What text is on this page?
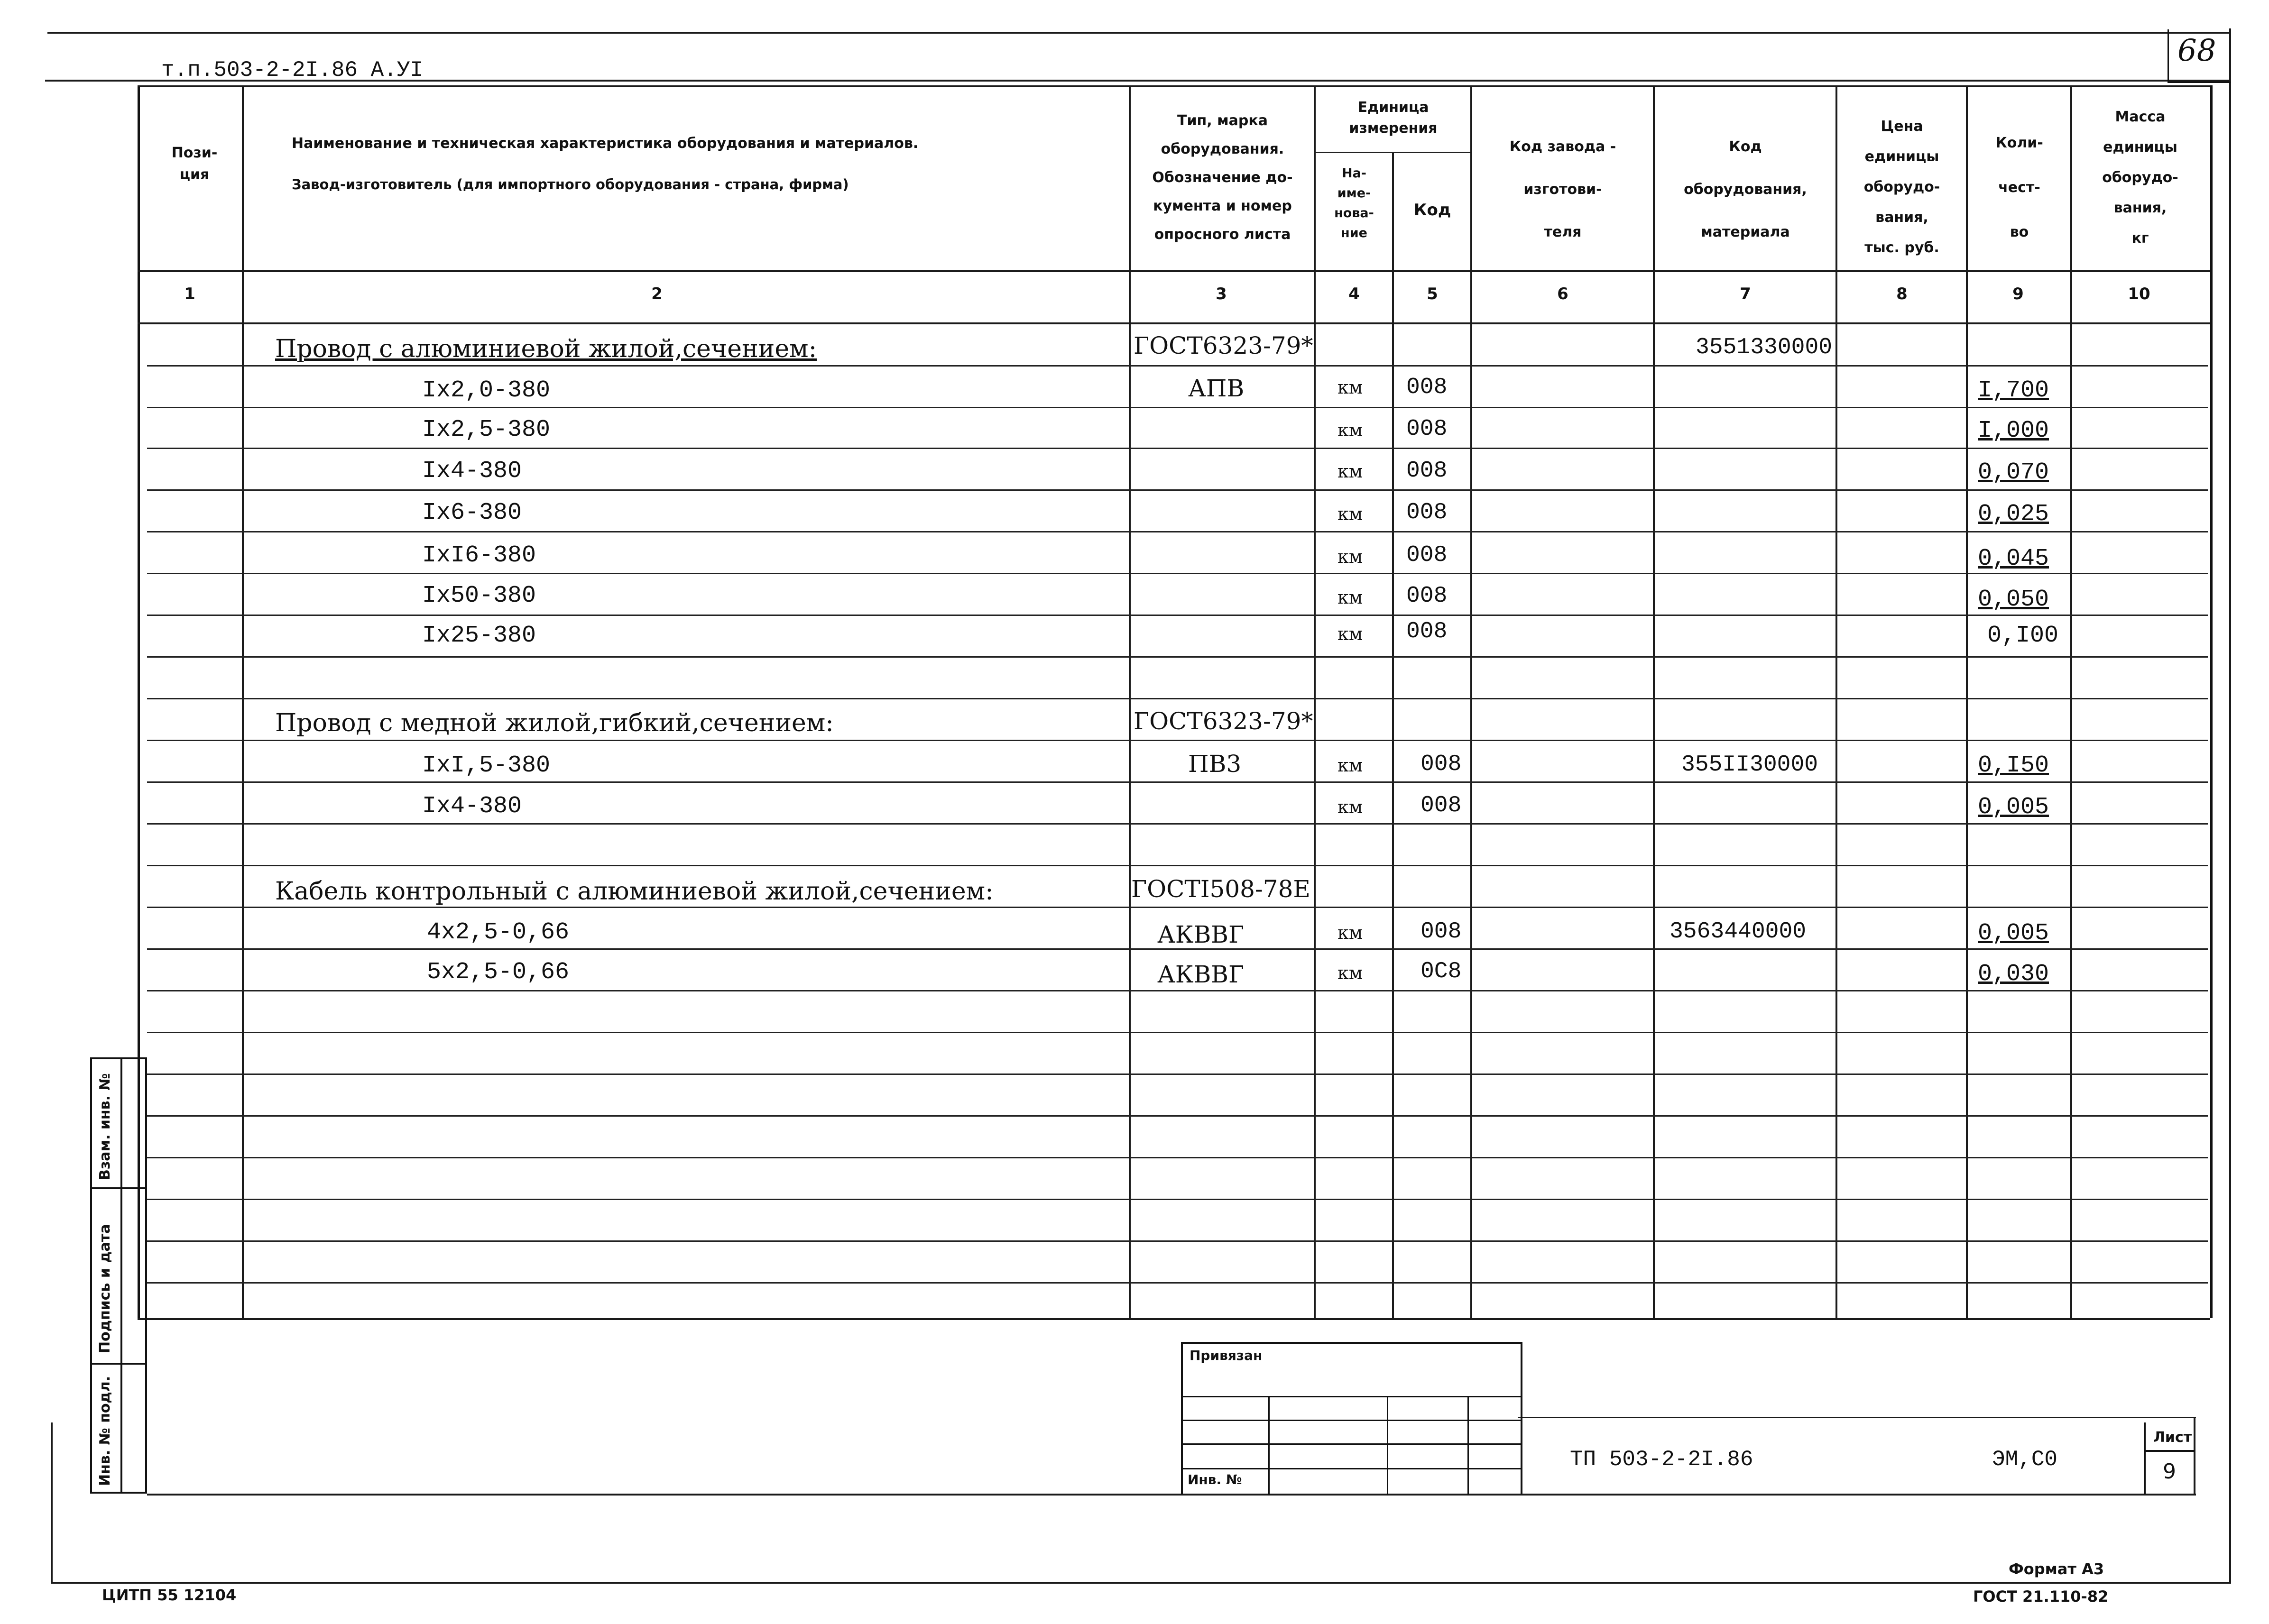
68
т.п.503-2-2I.86 А.УI
Пози-
ция
Наименование и техническая характеристика оборудования и материалов.
Завод-изготовитель (для импортного оборудования - страна, фирма)
Тип, марка
оборудования.
Обозначение до-
кумента и номер
опросного листа
Единица
измерения
На-
име-
нова-
ние
Код
Код завода -
изготови-
теля
Код
оборудования,
материала
Цена
единицы
оборудо-
вания,
тыс. руб.
Коли-
чест-
во
Масса
единицы
оборудо-
вания,
кг
1	2	3	4	5	6	7	8	9	10
Провод с алюминиевой жилой,сечением:	ГОСТ6323-79*	3551330000
Iх2,0-380	АПВ	км 008	I,700
Iх2,5-380	км 008	I,000
Iх4-380	км 008	0,070
Iх6-380	км 008	0,025
IхI6-380	км 008	0,045
Iх50-380	км 008	0,050
Iх25-380	км 008	0,I00
Провод с медной жилой,гибкий,сечением:	ГОСТ6323-79*
IхI,5-380	ПВ3	км	008	355II30000	0,I50
Iх4-380	км	008	0,005
Кабель контрольный с алюминиевой жилой,сечением:	ГОСТI508-78Е
4х2,5-0,66	АКВВГ	км	008	3563440000	0,005
5х2,5-0,66	АКВВГ	км	0С8	0,030
Взам. инв. №
Подпись и дата
Инв. № подл.
Привязан
Инв. №
ТП 503-2-2I.86	ЭМ,С0
Лист
9
ЦИТП 55 12104
Формат А3
ГОСТ 21.110-82
